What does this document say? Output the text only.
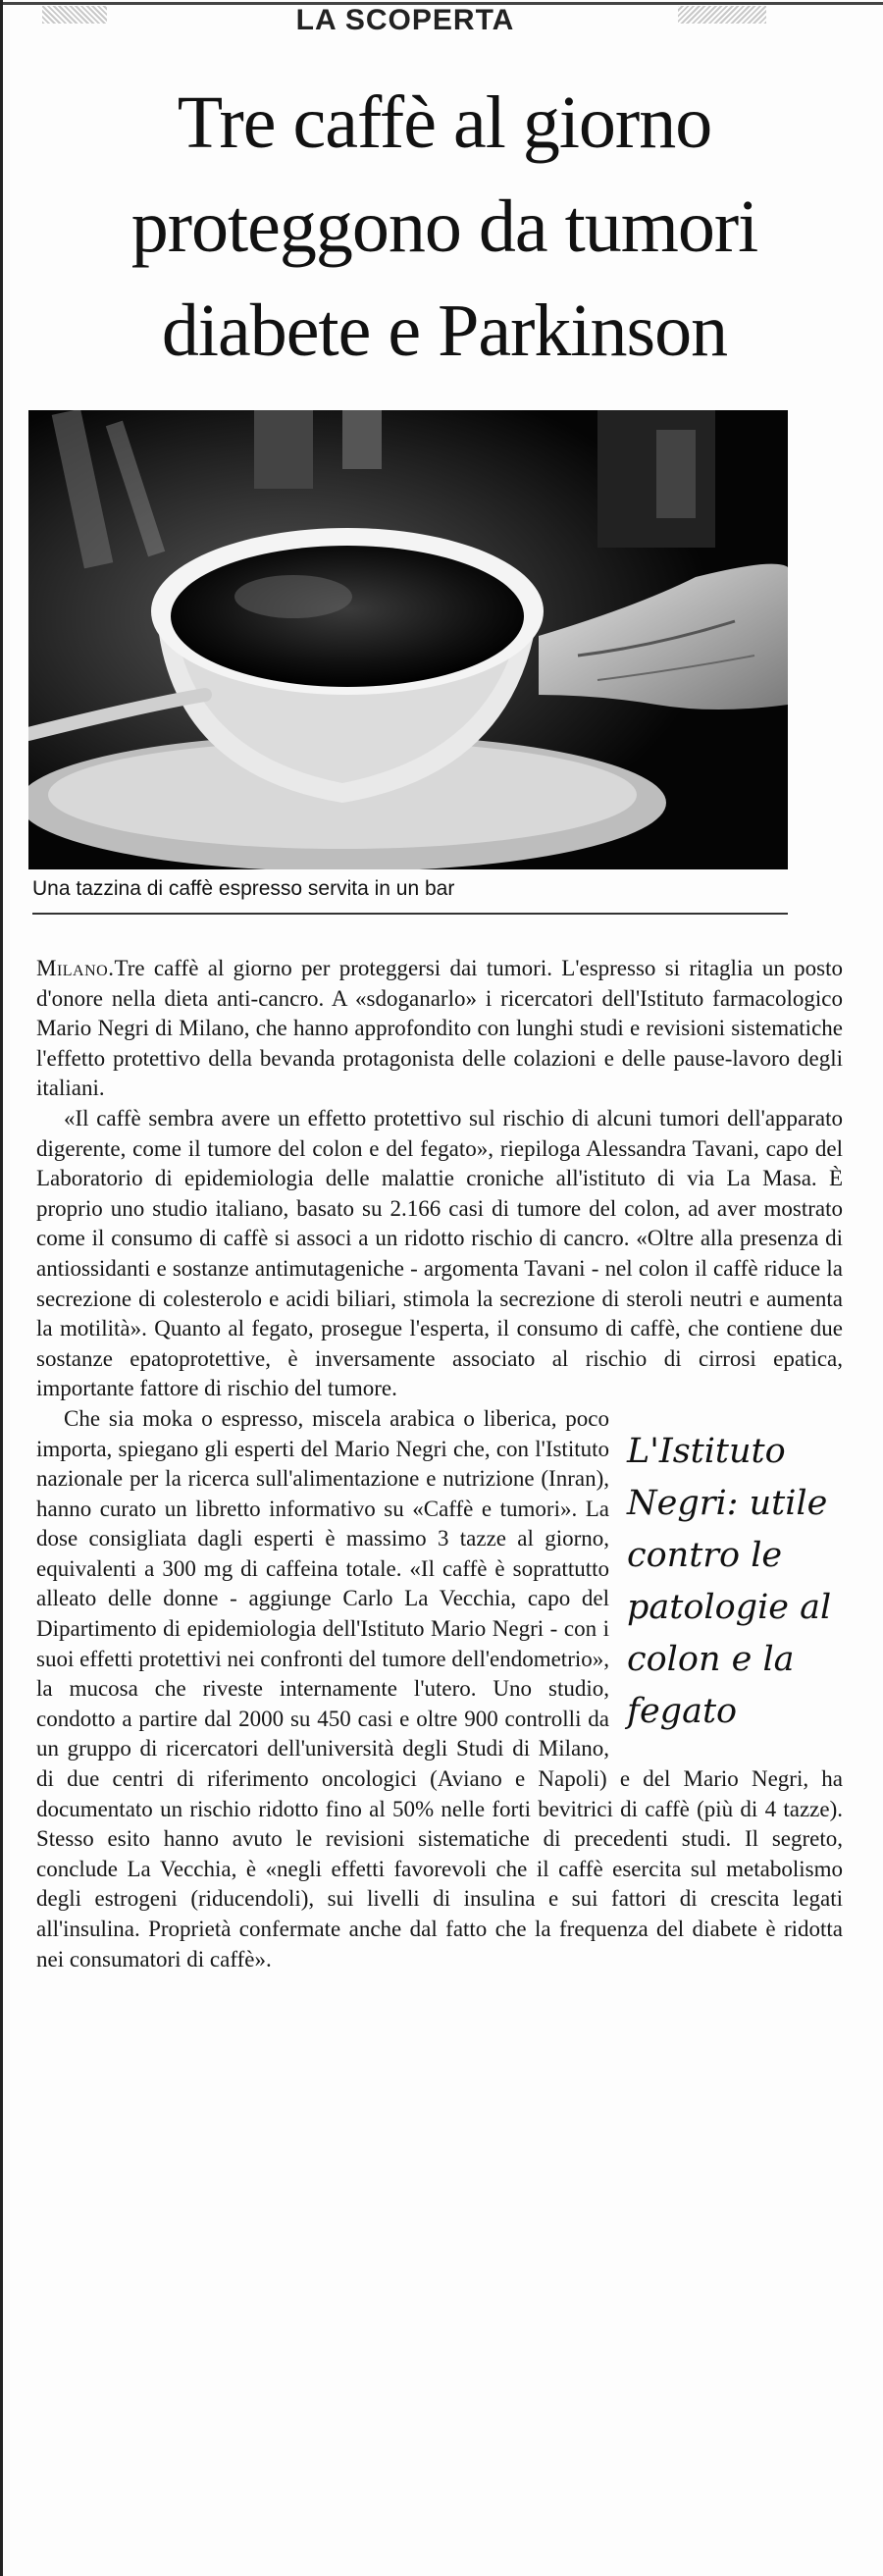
LA SCOPERTA
Tre caffè al giorno
proteggono da tumori
diabete e Parkinson
Una tazzina di caffè espresso servita in un bar

Milano.Tre caffè al giorno per proteggersi dai tumori. L'espresso si ritaglia un posto d'onore nella dieta anti-cancro. A «sdoganarlo» i ricercatori dell'Istituto farmacologico Mario Negri di Milano, che hanno approfondito con lunghi studi e revisioni sistematiche l'effetto protettivo della bevanda protagonista delle colazioni e delle pause-lavoro degli italiani.

«Il caffè sembra avere un effetto protettivo sul rischio di alcuni tumori dell'apparato digerente, come il tumore del colon e del fegato», riepiloga Alessandra Tavani, capo del Laboratorio di epidemiologia delle malattie croniche all'istituto di via La Masa. È proprio uno studio italiano, basato su 2.166 casi di tumore del colon, ad aver mostrato come il consumo di caffè si associ a un ridotto rischio di cancro. «Oltre alla presenza di antiossidanti e sostanze antimutageniche - argomenta Tavani - nel colon il caffè riduce la secrezione di colesterolo e acidi biliari, stimola la secrezione di steroli neutri e aumenta la motilità». Quanto al fegato, prosegue l'esperta, il consumo di caffè, che contiene due sostanze epatoprotettive, è inversamente associato al rischio di cirrosi epatica, importante fattore di rischio del tumore.

L'Istituto Negri: utile contro le patologie al colon e la fegato

Che sia moka o espresso, miscela arabica o liberica, poco importa, spiegano gli esperti del Mario Negri che, con l'Istituto nazionale per la ricerca sull'alimentazione e nutrizione (Inran), hanno curato un libretto informativo su «Caffè e tumori». La dose consigliata dagli esperti è massimo 3 tazze al giorno, equivalenti a 300 mg di caffeina totale. «Il caffè è soprattutto alleato delle donne - aggiunge Carlo La Vecchia, capo del Dipartimento di epidemiologia dell'Istituto Mario Negri - con i suoi effetti protettivi nei confronti del tumore dell'endometrio», la mucosa che riveste internamente l'utero. Uno studio, condotto a partire dal 2000 su 450 casi e oltre 900 controlli da un gruppo di ricercatori dell'università degli Studi di Milano, di due centri di riferimento oncologici (Aviano e Napoli) e del Mario Negri, ha documentato un rischio ridotto fino al 50% nelle forti bevitrici di caffè (più di 4 tazze). Stesso esito hanno avuto le revisioni sistematiche di precedenti studi. Il segreto, conclude La Vecchia, è «negli effetti favorevoli che il caffè esercita sul metabolismo degli estrogeni (riducendoli), sui livelli di insulina e sui fattori di crescita legati all'insulina. Proprietà confermate anche dal fatto che la frequenza del diabete è ridotta nei consumatori di caffè».
